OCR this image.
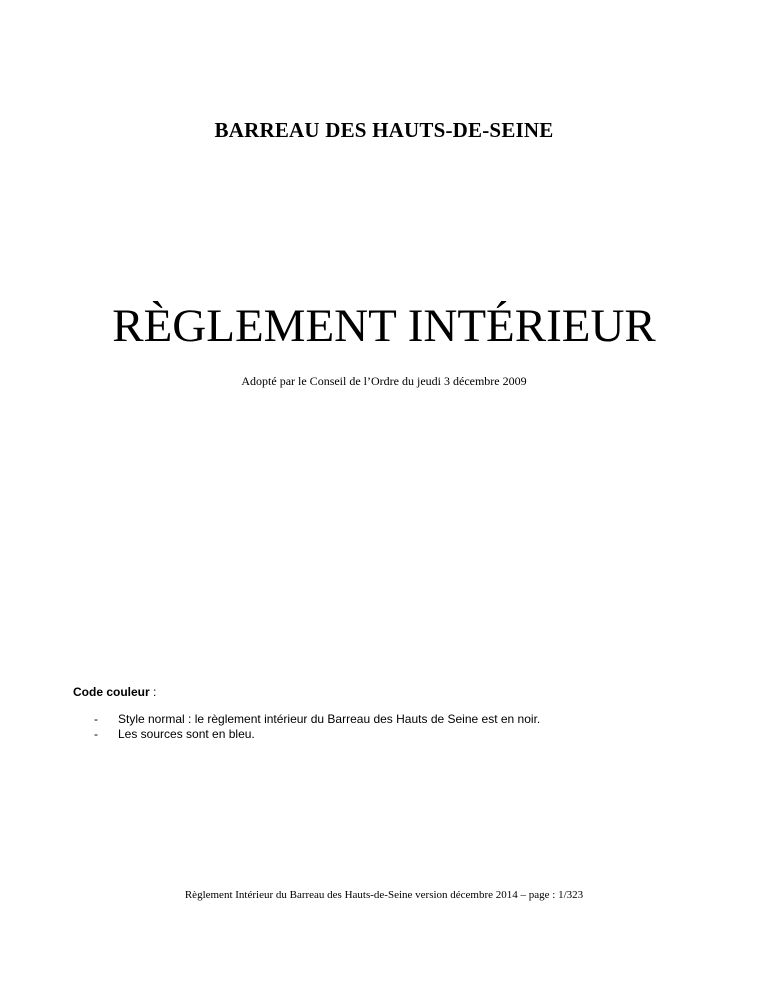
BARREAU DES HAUTS-DE-SEINE
RÈGLEMENT INTÉRIEUR
Adopté par le Conseil de l’Ordre du jeudi 3 décembre 2009
Code couleur :
-	Style normal : le règlement intérieur du Barreau des Hauts de Seine est en noir.
-	Les sources sont en bleu.
Règlement Intérieur du Barreau des Hauts-de-Seine version décembre 2014 – page : 1/323
